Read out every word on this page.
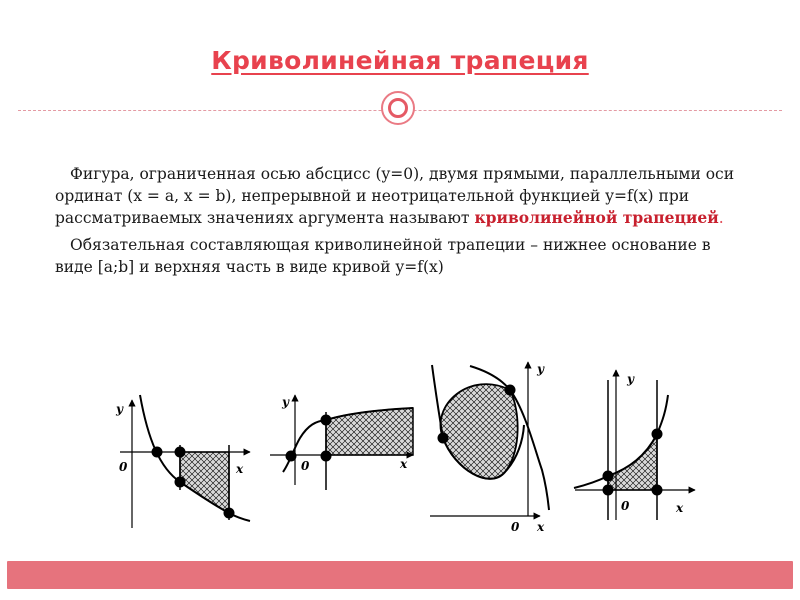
Криволинейная трапеция

Фигура, ограниченная осью абсцисс (y=0), двумя прямыми, параллельными оси ординат (x = a, x = b), непрерывной и неотрицательной функцией y=f(x) при рассматриваемых значениях аргумента называют криволинейной трапецией.

Обязательная составляющая криволинейной трапеции – нижнее основание в виде [a;b] и верхняя часть в виде кривой y=f(x)

y
x
0
y
x
0
y
x
0
y
x
0
